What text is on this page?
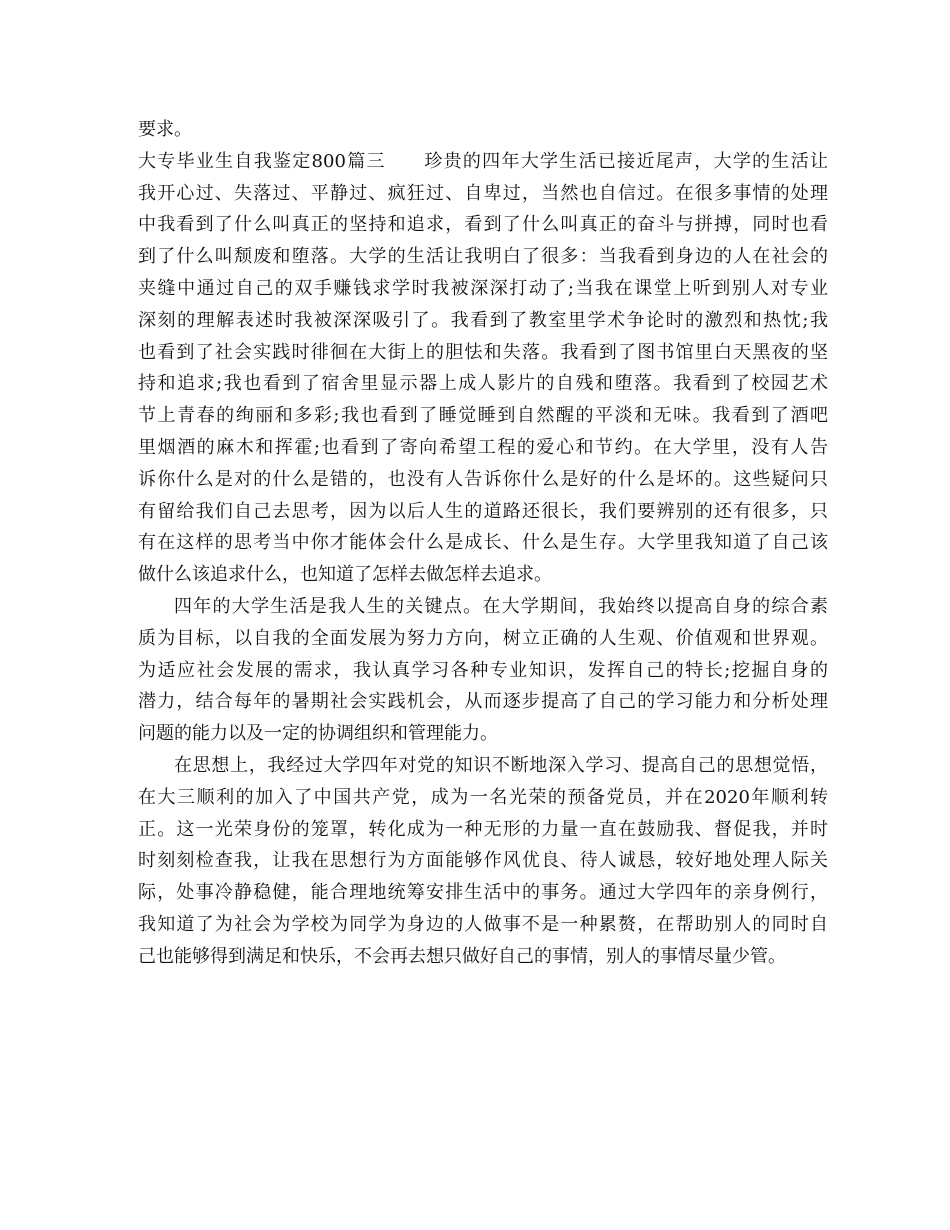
要求。
大专毕业生自我鉴定800篇三　　珍贵的四年大学生活已接近尾声，大学的生活让
我开心过、失落过、平静过、疯狂过、自卑过，当然也自信过。在很多事情的处理
中我看到了什么叫真正的坚持和追求，看到了什么叫真正的奋斗与拼搏，同时也看
到了什么叫颓废和堕落。大学的生活让我明白了很多：当我看到身边的人在社会的
夹缝中通过自己的双手赚钱求学时我被深深打动了;当我在课堂上听到别人对专业
深刻的理解表述时我被深深吸引了。我看到了教室里学术争论时的激烈和热忱;我
也看到了社会实践时徘徊在大街上的胆怯和失落。我看到了图书馆里白天黑夜的坚
持和追求;我也看到了宿舍里显示器上成人影片的自残和堕落。我看到了校园艺术
节上青春的绚丽和多彩;我也看到了睡觉睡到自然醒的平淡和无味。我看到了酒吧
里烟酒的麻木和挥霍;也看到了寄向希望工程的爱心和节约。在大学里，没有人告
诉你什么是对的什么是错的，也没有人告诉你什么是好的什么是坏的。这些疑问只
有留给我们自己去思考，因为以后人生的道路还很长，我们要辨别的还有很多，只
有在这样的思考当中你才能体会什么是成长、什么是生存。大学里我知道了自己该
做什么该追求什么，也知道了怎样去做怎样去追求。
四年的大学生活是我人生的关键点。在大学期间，我始终以提高自身的综合素
质为目标，以自我的全面发展为努力方向，树立正确的人生观、价值观和世界观。
为适应社会发展的需求，我认真学习各种专业知识，发挥自己的特长;挖掘自身的
潜力，结合每年的暑期社会实践机会，从而逐步提高了自己的学习能力和分析处理
问题的能力以及一定的协调组织和管理能力。
在思想上，我经过大学四年对党的知识不断地深入学习、提高自己的思想觉悟，
在大三顺利的加入了中国共产党，成为一名光荣的预备党员，并在2020年顺利转
正。这一光荣身份的笼罩，转化成为一种无形的力量一直在鼓励我、督促我，并时
时刻刻检查我，让我在思想行为方面能够作风优良、待人诚恳，较好地处理人际关
际，处事冷静稳健，能合理地统筹安排生活中的事务。通过大学四年的亲身例行，
我知道了为社会为学校为同学为身边的人做事不是一种累赘，在帮助别人的同时自
己也能够得到满足和快乐，不会再去想只做好自己的事情，别人的事情尽量少管。
